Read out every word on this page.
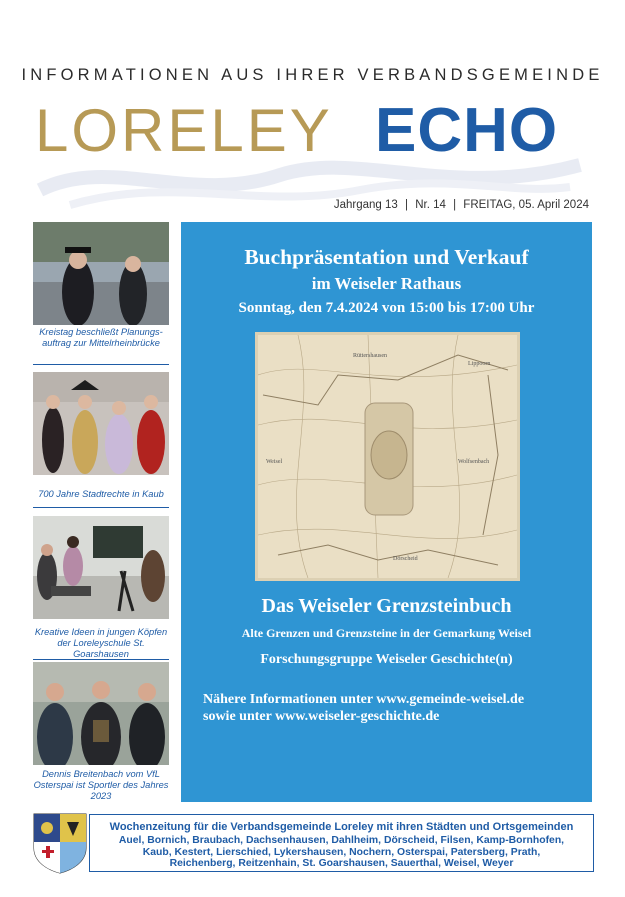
INFORMATIONEN AUS IHRER VERBANDSGEMEINDE
LORELEY ECHO
Jahrgang 13 | Nr. 14 | FREITAG, 05. April 2024
Kreistag beschließt Planungs-auftrag zur Mittelrheinbrücke
700 Jahre Stadtrechte in Kaub
Kreative Ideen in jungen Köpfen der Loreleyschule St. Goarshausen
Dennis Breitenbach vom VfL Osterspai ist Sportler des Jahres 2023
Buchpräsentation und Verkauf
im Weiseler Rathaus
Sonntag, den 7.4.2024 von 15:00 bis 17:00 Uhr
Rüttershausen
Lippoorn
Weisel	Wolfsenbach
Dörscheid
Das Weiseler Grenzsteinbuch
Alte Grenzen und Grenzsteine in der Gemarkung Weisel
Forschungsgruppe Weiseler Geschichte(n)
Nähere Informationen unter www.gemeinde-weisel.de
sowie unter www.weiseler-geschichte.de
Wochenzeitung für die Verbandsgemeinde Loreley mit ihren Städten und Ortsgemeinden
Auel, Bornich, Braubach, Dachsenhausen, Dahlheim, Dörscheid, Filsen, Kamp-Bornhofen,
Kaub, Kestert, Lierschied, Lykershausen, Nochern, Osterspai, Patersberg, Prath,
Reichenberg, Reitzenhain, St. Goarshausen, Sauerthal, Weisel, Weyer
